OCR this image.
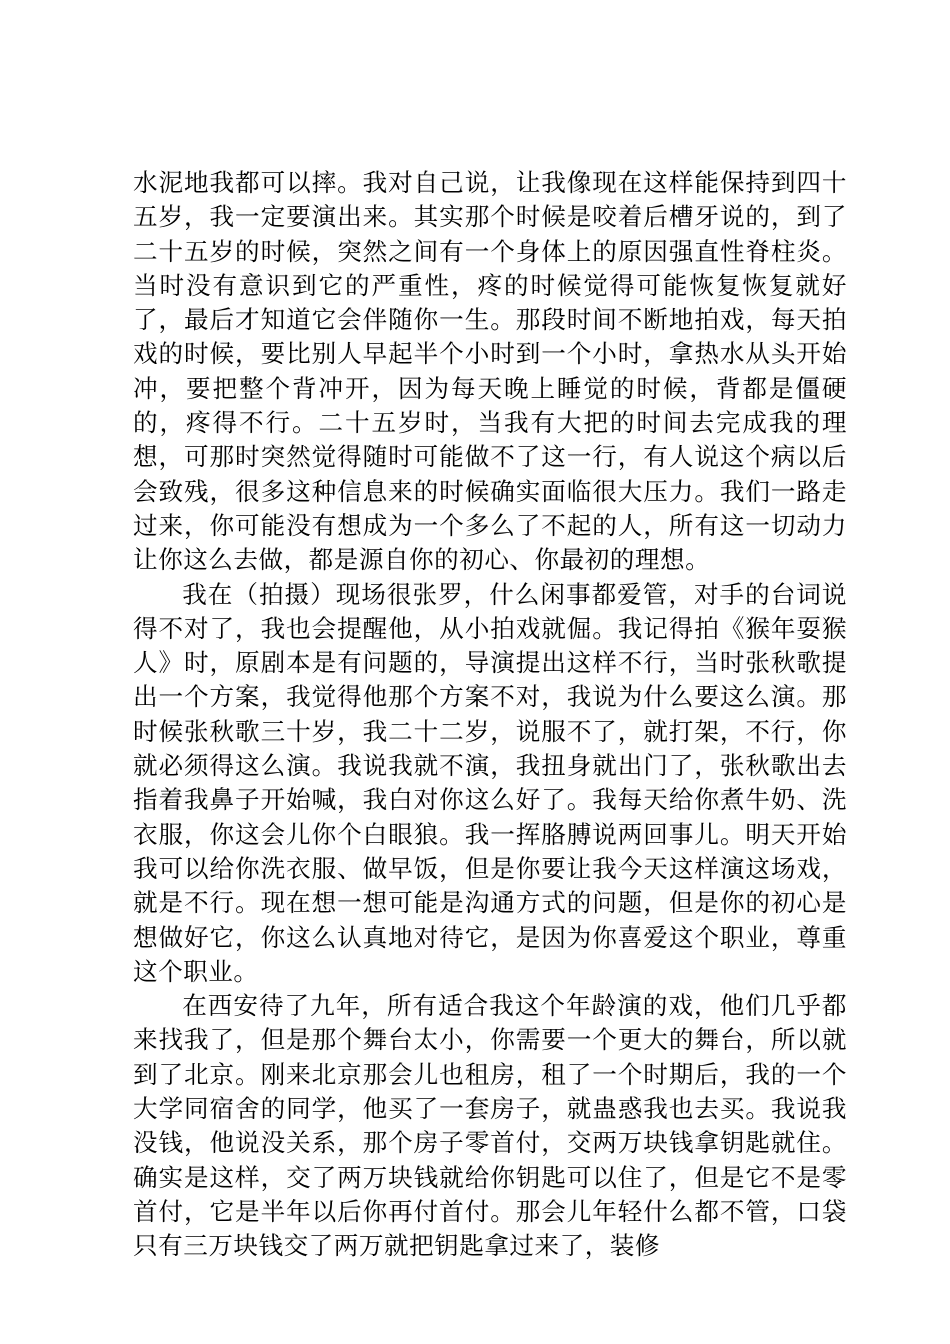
水泥地我都可以摔。我对自己说，让我像现在这样能保持到四十五岁，我一定要演出来。其实那个时候是咬着后槽牙说的，到了二十五岁的时候，突然之间有一个身体上的原因强直性脊柱炎。当时没有意识到它的严重性，疼的时候觉得可能恢复恢复就好了，最后才知道它会伴随你一生。那段时间不断地拍戏，每天拍戏的时候，要比别人早起半个小时到一个小时，拿热水从头开始冲，要把整个背冲开，因为每天晚上睡觉的时候，背都是僵硬的，疼得不行。二十五岁时，当我有大把的时间去完成我的理想，可那时突然觉得随时可能做不了这一行，有人说这个病以后会致残，很多这种信息来的时候确实面临很大压力。我们一路走过来，你可能没有想成为一个多么了不起的人，所有这一切动力让你这么去做，都是源自你的初心、你最初的理想。

我在（拍摄）现场很张罗，什么闲事都爱管，对手的台词说得不对了，我也会提醒他，从小拍戏就倔。我记得拍《猴年耍猴人》时，原剧本是有问题的，导演提出这样不行，当时张秋歌提出一个方案，我觉得他那个方案不对，我说为什么要这么演。那时候张秋歌三十岁，我二十二岁，说服不了，就打架，不行，你就必须得这么演。我说我就不演，我扭身就出门了，张秋歌出去指着我鼻子开始喊，我白对你这么好了。我每天给你煮牛奶、洗衣服，你这会儿你个白眼狼。我一挥胳膊说两回事儿。明天开始我可以给你洗衣服、做早饭，但是你要让我今天这样演这场戏，就是不行。现在想一想可能是沟通方式的问题，但是你的初心是想做好它，你这么认真地对待它，是因为你喜爱这个职业，尊重这个职业。

在西安待了九年，所有适合我这个年龄演的戏，他们几乎都来找我了，但是那个舞台太小，你需要一个更大的舞台，所以就到了北京。刚来北京那会儿也租房，租了一个时期后，我的一个大学同宿舍的同学，他买了一套房子，就蛊惑我也去买。我说我没钱，他说没关系，那个房子零首付，交两万块钱拿钥匙就住。确实是这样，交了两万块钱就给你钥匙可以住了，但是它不是零首付，它是半年以后你再付首付。那会儿年轻什么都不管，口袋只有三万块钱交了两万就把钥匙拿过来了，装修
